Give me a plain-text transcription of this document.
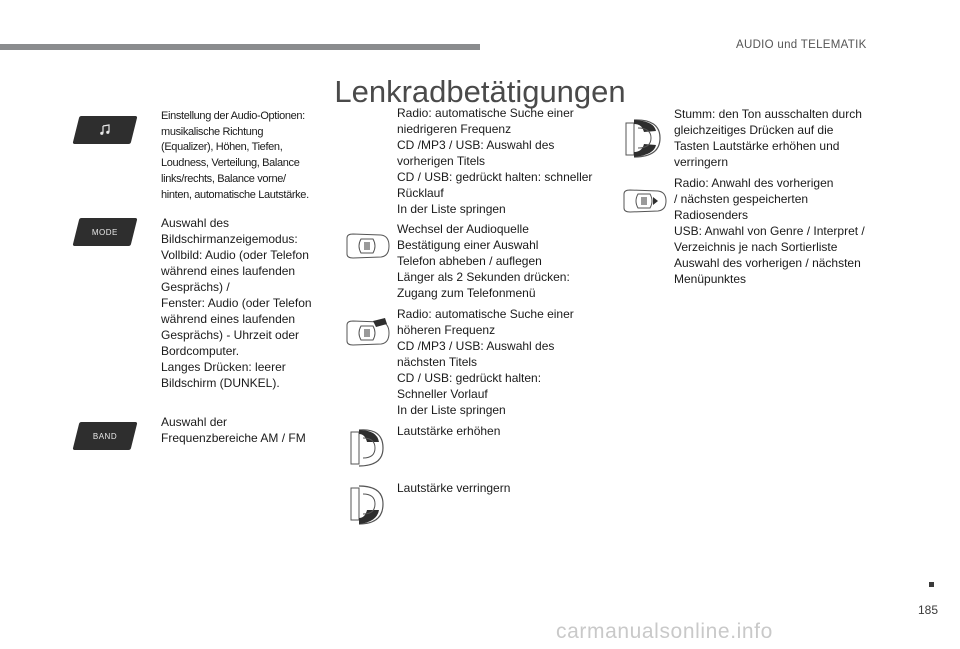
AUDIO und TELEMATIK
Lenkradbetätigungen
Einstellung der Audio-Optionen:
musikalische Richtung
(Equalizer), Höhen, Tiefen,
Loudness, Verteilung, Balance
links/rechts, Balance vorne/
hinten, automatische Lautstärke.
MODE
Auswahl des
Bildschirmanzeigemodus:
Vollbild: Audio (oder Telefon
während eines laufenden
Gesprächs) /
Fenster: Audio (oder Telefon
während eines laufenden
Gesprächs) - Uhrzeit oder
Bordcomputer.
Langes Drücken: leerer
Bildschirm (DUNKEL).
BAND
Auswahl der
Frequenzbereiche AM / FM
Radio: automatische Suche einer
niedrigeren Frequenz
CD /MP3 / USB: Auswahl des
vorherigen Titels
CD / USB: gedrückt halten: schneller
Rücklauf
In der Liste springen
Wechsel der Audioquelle
Bestätigung einer Auswahl
Telefon abheben / auflegen
Länger als 2 Sekunden drücken:
Zugang zum Telefonmenü
Radio: automatische Suche einer
höheren Frequenz
CD /MP3 / USB: Auswahl des
nächsten Titels
CD / USB: gedrückt halten:
Schneller Vorlauf
In der Liste springen
Lautstärke erhöhen
Lautstärke verringern
Stumm: den Ton ausschalten durch
gleichzeitiges Drücken auf die
Tasten Lautstärke erhöhen und
verringern
Radio: Anwahl des vorherigen
/ nächsten gespeicherten
Radiosenders
USB: Anwahl von Genre / Interpret /
Verzeichnis je nach Sortierliste
Auswahl des vorherigen / nächsten
Menüpunktes
185
carmanualsonline.info
